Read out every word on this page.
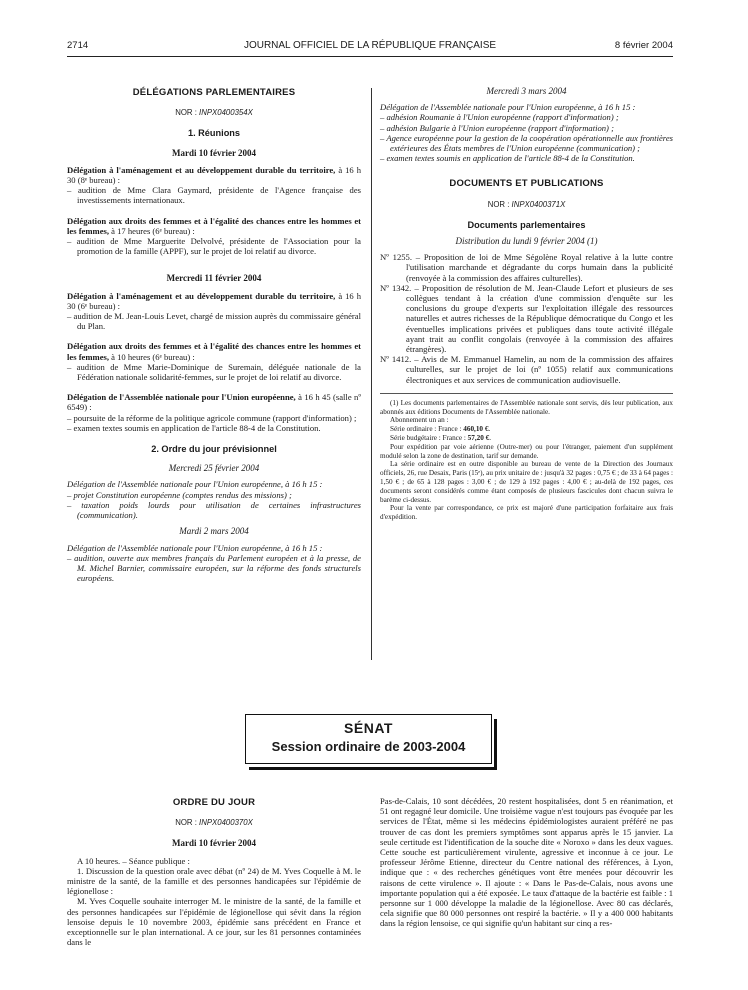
2714	JOURNAL OFFICIEL DE LA RÉPUBLIQUE FRANÇAISE	8 février 2004
DÉLÉGATIONS PARLEMENTAIRES
NOR : INPX0400354X
1. Réunions
Mardi 10 février 2004

Délégation à l'aménagement et au développement durable du territoire, à 16 h 30 (8ᵉ bureau) :

– audition de Mme Clara Gaymard, présidente de l'Agence française des investissements internationaux.

Délégation aux droits des femmes et à l'égalité des chances entre les hommes et les femmes, à 17 heures (6ᵉ bureau) :

– audition de Mme Marguerite Delvolvé, présidente de l'Association pour la promotion de la famille (APPF), sur le projet de loi relatif au divorce.

Mercredi 11 février 2004

Délégation à l'aménagement et au développement durable du territoire, à 16 h 30 (6ᵉ bureau) :

– audition de M. Jean-Louis Levet, chargé de mission auprès du commissaire général du Plan.

Délégation aux droits des femmes et à l'égalité des chances entre les hommes et les femmes, à 10 heures (6ᵉ bureau) :

– audition de Mme Marie-Dominique de Suremain, déléguée nationale de la Fédération nationale solidarité-femmes, sur le projet de loi relatif au divorce.

Délégation de l'Assemblée nationale pour l'Union européenne, à 16 h 45 (salle nº 6549) :

– poursuite de la réforme de la politique agricole commune (rapport d'information) ;

– examen textes soumis en application de l'article 88-4 de la Constitution.

2. Ordre du jour prévisionnel
Mercredi 25 février 2004

Délégation de l'Assemblée nationale pour l'Union européenne, à 16 h 15 :

– projet Constitution européenne (comptes rendus des missions) ;

– taxation poids lourds pour utilisation de certaines infrastructures (communication).

Mardi 2 mars 2004

Délégation de l'Assemblée nationale pour l'Union européenne, à 16 h 15 :

– audition, ouverte aux membres français du Parlement européen et à la presse, de M. Michel Barnier, commissaire européen, sur la réforme des fonds structurels européens.

Mercredi 3 mars 2004

Délégation de l'Assemblée nationale pour l'Union européenne, à 16 h 15 :

– adhésion Roumanie à l'Union européenne (rapport d'information) ;

– adhésion Bulgarie à l'Union européenne (rapport d'information) ;

– Agence européenne pour la gestion de la coopération opérationnelle aux frontières extérieures des États membres de l'Union européenne (communication) ;

– examen textes soumis en application de l'article 88-4 de la Constitution.

DOCUMENTS ET PUBLICATIONS
NOR : INPX0400371X
Documents parlementaires
Distribution du lundi 9 février 2004 (1)

Nº 1255. – Proposition de loi de Mme Ségolène Royal relative à la lutte contre l'utilisation marchande et dégradante du corps humain dans la publicité (renvoyée à la commission des affaires culturelles).

Nº 1342. – Proposition de résolution de M. Jean-Claude Lefort et plusieurs de ses collègues tendant à la création d'une commission d'enquête sur les conclusions du groupe d'experts sur l'exploitation illégale des ressources naturelles et autres richesses de la République démocratique du Congo et les éventuelles implications privées et publiques dans toute activité illégale ayant trait au conflit congolais (renvoyée à la commission des affaires étrangères).

Nº 1412. – Avis de M. Emmanuel Hamelin, au nom de la commission des affaires culturelles, sur le projet de loi (nº 1055) relatif aux communications électroniques et aux services de communication audiovisuelle.

(1) Les documents parlementaires de l'Assemblée nationale sont servis, dès leur publication, aux abonnés aux éditions Documents de l'Assemblée nationale.

Abonnement un an :

Série ordinaire : France : 460,10 €.

Série budgétaire : France : 57,20 €.

Pour expédition par voie aérienne (Outre-mer) ou pour l'étranger, paiement d'un supplément modulé selon la zone de destination, tarif sur demande.

La série ordinaire est en outre disponible au bureau de vente de la Direction des Journaux officiels, 26, rue Desaix, Paris (15ᵉ), au prix unitaire de : jusqu'à 32 pages : 0,75 € ; de 33 à 64 pages : 1,50 € ; de 65 à 128 pages : 3,00 € ; de 129 à 192 pages : 4,00 € ; au-delà de 192 pages, ces documents seront considérés comme étant composés de plusieurs fascicules dont chacun suivra le barème ci-dessus.

Pour la vente par correspondance, ce prix est majoré d'une participation forfaitaire aux frais d'expédition.

SÉNAT
Session ordinaire de 2003-2004
ORDRE DU JOUR
NOR : INPX0400370X
Mardi 10 février 2004

A 10 heures. – Séance publique :

1. Discussion de la question orale avec débat (nº 24) de M. Yves Coquelle à M. le ministre de la santé, de la famille et des personnes handicapées sur l'épidémie de légionellose :

M. Yves Coquelle souhaite interroger M. le ministre de la santé, de la famille et des personnes handicapées sur l'épidémie de légionellose qui sévit dans la région lensoise depuis le 10 novembre 2003, épidémie sans précédent en France et exceptionnelle sur le plan international. A ce jour, sur les 81 personnes contaminées dans le

Pas-de-Calais, 10 sont décédées, 20 restent hospitalisées, dont 5 en réanimation, et 51 ont regagné leur domicile. Une troisième vague n'est toujours pas évoquée par les services de l'État, même si les médecins épidémiologistes auraient préféré ne pas trouver de cas dont les premiers symptômes sont apparus après le 15 janvier. La seule certitude est l'identification de la souche dite « Noroxo » dans les deux vagues. Cette souche est particulièrement virulente, agressive et inconnue à ce jour. Le professeur Jérôme Etienne, directeur du Centre national des références, à Lyon, indique que : « des recherches génétiques vont être menées pour découvrir les raisons de cette virulence ». Il ajoute : « Dans le Pas-de-Calais, nous avons une importante population qui a été exposée. Le taux d'attaque de la bactérie est faible : 1 personne sur 1 000 développe la maladie de la légionellose. Avec 80 cas déclarés, cela signifie que 80 000 personnes ont respiré la bactérie. » Il y a 400 000 habitants dans la région lensoise, ce qui signifie qu'un habitant sur cinq a res-
